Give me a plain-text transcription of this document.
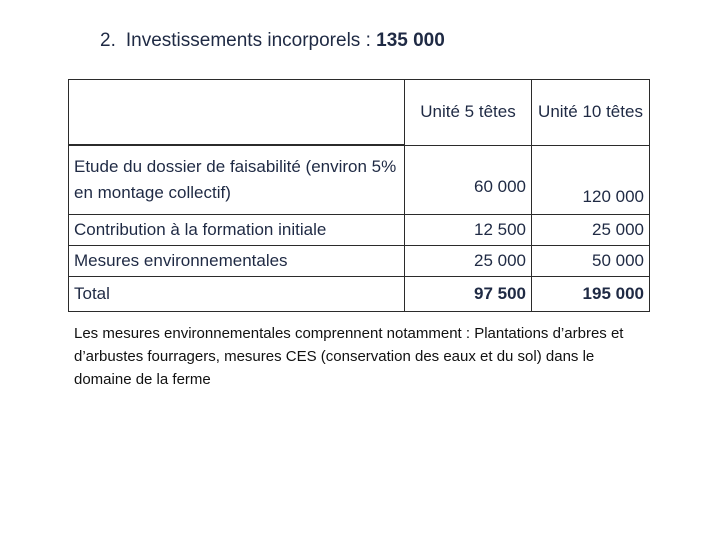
2. Investissements incorporels : 135 000
	Unité 5 têtes	Unité 10 têtes
Etude du dossier de faisabilité (environ 5% en montage collectif)	60 000	120 000
Contribution à la formation initiale	12 500	25 000
Mesures environnementales	25 000	50 000
Total	97 500	195 000
Les mesures environnementales comprennent notamment : Plantations d’arbres et d’arbustes fourragers, mesures CES (conservation des eaux et du sol) dans le domaine de la ferme
